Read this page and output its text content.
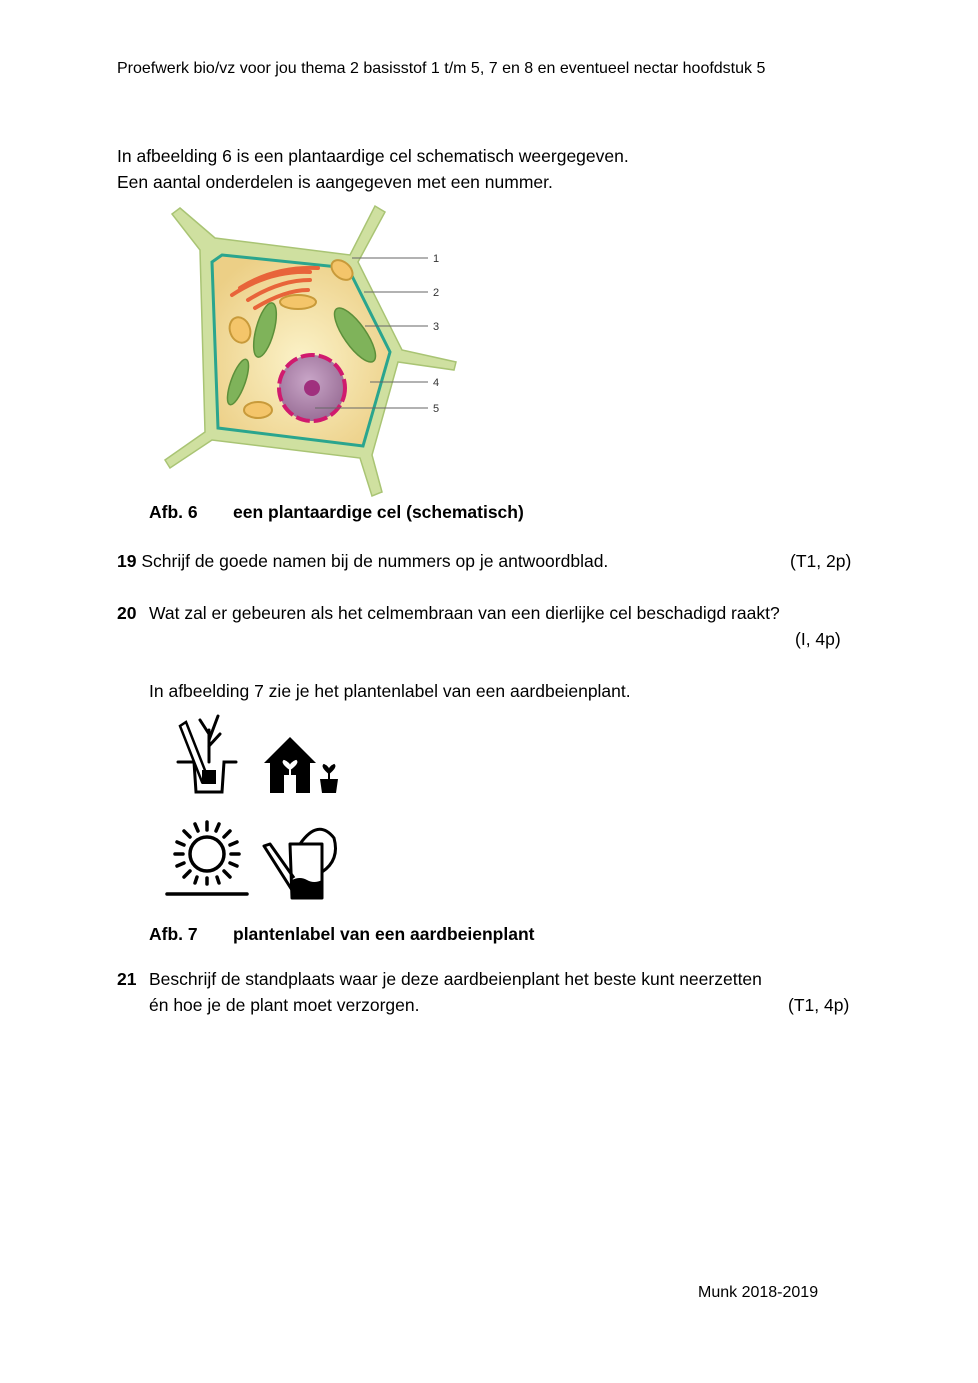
Proefwerk bio/vz voor jou thema 2 basisstof 1 t/m 5, 7 en 8 en eventueel nectar hoofdstuk 5
In afbeelding 6 is een plantaardige cel schematisch weergegeven.
Een aantal onderdelen is aangegeven met een nummer.
1
2
3
4
5
Afb. 6 een plantaardige cel (schematisch)
19 Schrijf de goede namen bij de nummers op je antwoordblad.	(T1, 2p)
20 Wat zal er gebeuren als het celmembraan van een dierlijke cel beschadigd raakt?
(I, 4p)
In afbeelding 7 zie je het plantenlabel van een aardbeienplant.
Afb. 7 plantenlabel van een aardbeienplant
21 Beschrijf de standplaats waar je deze aardbeienplant het beste kunt neerzetten
én hoe je de plant moet verzorgen.	(T1, 4p)
Munk 2018-2019
